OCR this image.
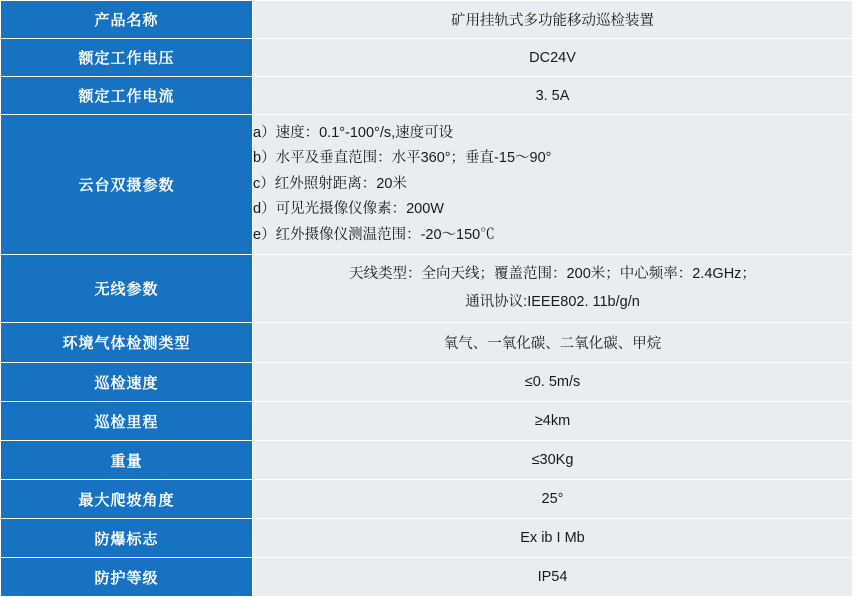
产品名称	矿用挂轨式多功能移动巡检装置
额定工作电压	DC24V
额定工作电流	3. 5A
云台双摄参数	a）速度：0.1°-100°/s,速度可设
b）水平及垂直范围：水平360°；垂直-15〜90°
c）红外照射距离：20米
d）可见光摄像仪像素：200W
e）红外摄像仪测温范围：-20〜150℃

无线参数	天线类型：全向天线；覆盖范围：200米；中心频率：2.4GHz；
通讯协议:IEEE802. 11b/g/n

环境气体检测类型	氧气、一氧化碳、二氧化碳、甲烷
巡检速度	≤0. 5m/s
巡检里程	≥4km
重量	≤30Kg
最大爬坡角度	25°
防爆标志	Ex ib I Mb
防护等级	IP54
